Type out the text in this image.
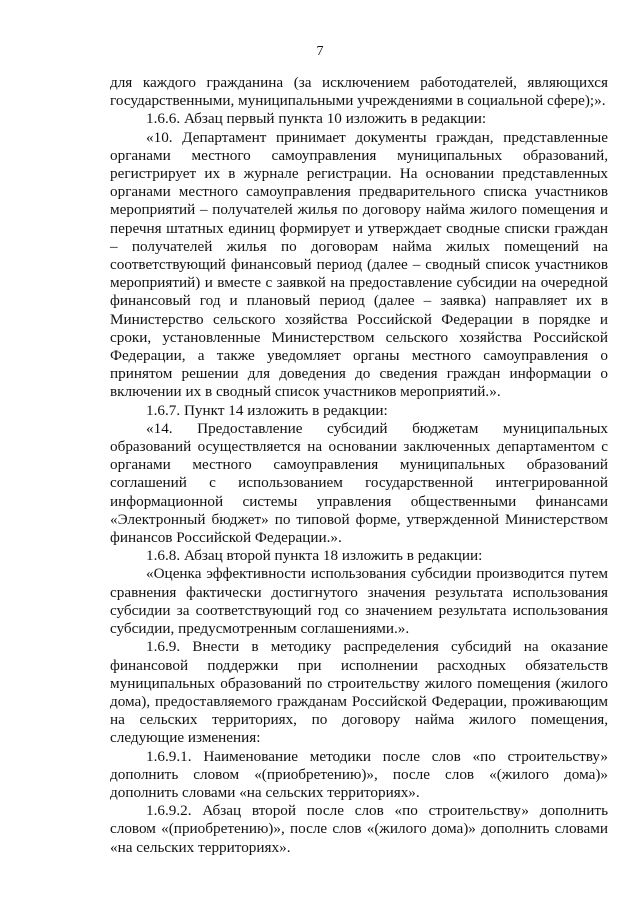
7

для каждого гражданина (за исключением работодателей, являющихся государственными, муниципальными учреждениями в социальной сфере);».

1.6.6. Абзац первый пункта 10 изложить в редакции:

«10. Департамент принимает документы граждан, представленные органами местного самоуправления муниципальных образований, регистрирует их в журнале регистрации. На основании представленных органами местного самоуправления предварительного списка участников мероприятий – получателей жилья по договору найма жилого помещения и перечня штатных единиц формирует и утверждает сводные списки граждан – получателей жилья по договорам найма жилых помещений на соответствующий финансовый период (далее – сводный список участников мероприятий) и вместе с заявкой на предоставление субсидии на очередной финансовый год и плановый период (далее – заявка) направляет их в Министерство сельского хозяйства Российской Федерации в порядке и сроки, установленные Министерством сельского хозяйства Российской Федерации, а также уведомляет органы местного самоуправления о принятом решении для доведения до сведения граждан информации о включении их в сводный список участников мероприятий.».

1.6.7. Пункт 14 изложить в редакции:

«14. Предоставление субсидий бюджетам муниципальных образований осуществляется на основании заключенных департаментом с органами местного самоуправления муниципальных образований соглашений с использованием государственной интегрированной информационной системы управления общественными финансами «Электронный бюджет» по типовой форме, утвержденной Министерством финансов Российской Федерации.».

1.6.8. Абзац второй пункта 18 изложить в редакции:

«Оценка эффективности использования субсидии производится путем сравнения фактически достигнутого значения результата использования субсидии за соответствующий год со значением результата использования субсидии, предусмотренным соглашениями.».

1.6.9. Внести в методику распределения субсидий на оказание финансовой поддержки при исполнении расходных обязательств муниципальных образований по строительству жилого помещения (жилого дома), предоставляемого гражданам Российской Федерации, проживающим на сельских территориях, по договору найма жилого помещения, следующие изменения:

1.6.9.1. Наименование методики после слов «по строительству» дополнить словом «(приобретению)», после слов «(жилого дома)» дополнить словами «на сельских территориях».

1.6.9.2. Абзац второй после слов «по строительству» дополнить словом «(приобретению)», после слов «(жилого дома)» дополнить словами «на сельских территориях».
